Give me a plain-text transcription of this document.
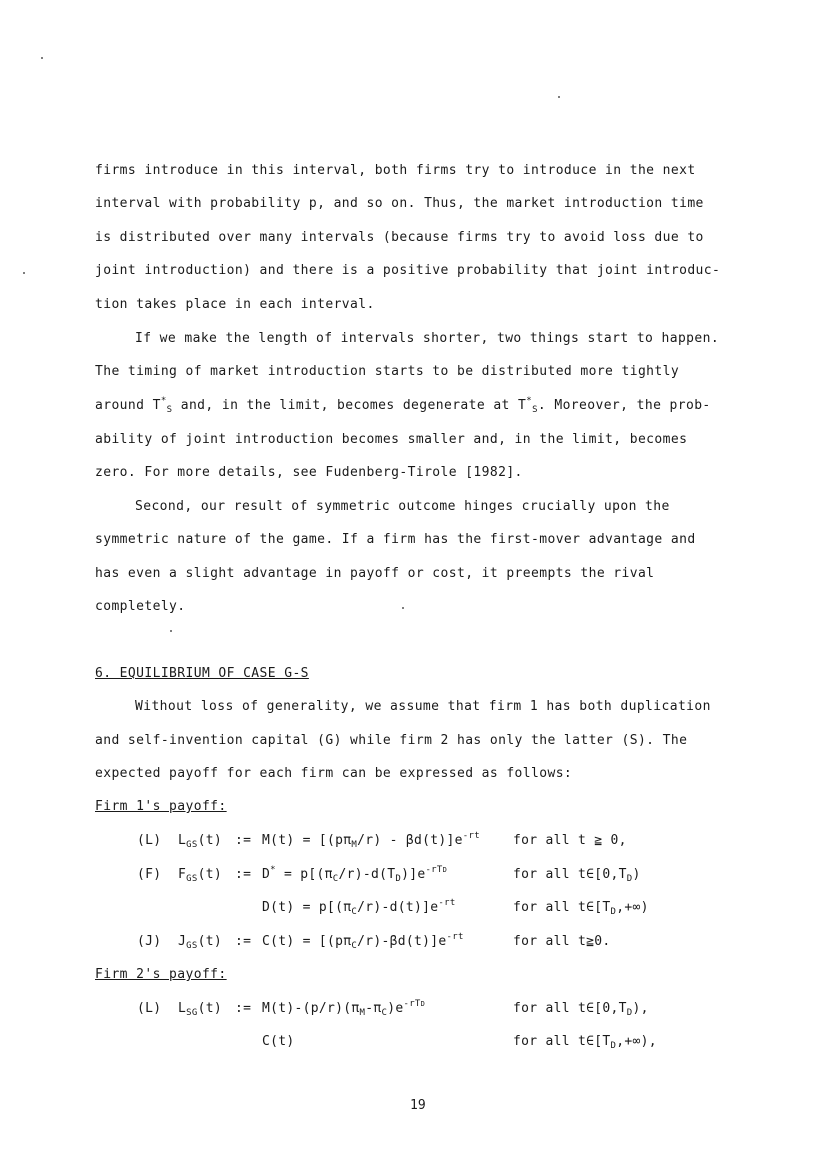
firms introduce in this interval, both firms try to introduce in the next
interval with probability p, and so on. Thus, the market introduction time
is distributed over many intervals (because firms try to avoid loss due to
joint introduction) and there is a positive probability that joint introduc-
tion takes place in each interval.
If we make the length of intervals shorter, two things start to happen.
The timing of market introduction starts to be distributed more tightly
around $T^*_S$ and, in the limit, becomes degenerate at $T^*_S$. Moreover, the prob-
ability of joint introduction becomes smaller and, in the limit, becomes
zero. For more details, see Fudenberg-Tirole [1982].
Second, our result of symmetric outcome hinges crucially upon the
symmetric nature of the game. If a firm has the first-mover advantage and
has even a slight advantage in payoff or cost, it preempts the rival
completely.
6. EQUILIBRIUM OF CASE G-S
Without loss of generality, we assume that firm 1 has both duplication
and self-invention capital (G) while firm 2 has only the latter (S). The
expected payoff for each firm can be expressed as follows:
Firm 1's payoff:
(L) $L_{GS}(t)$ := $M(t) = [(p\pi_M/r) - \beta d(t)]e^{-rt}$	for all t ≧ 0,
(F) $F_{GS}(t)$ := $D^* = p[(\pi_C/r)-d(T_D)]e^{-rTD}$	for all $t\in[0,T_D)$
$D(t) = p[(\pi_C/r)-d(t)]e^{-rt}$	for all $t\in[T_D,+\infty)$
(J) $J_{GS}(t)$ := $C(t) = [(p\pi_C/r)-\beta d(t)]e^{-rt}$	for all t≧0.
Firm 2's payoff:
(L) $L_{SG}(t)$ := $M(t)-(p/r)(\pi_M-\pi_C)e^{-rTD}$	for all $t\in[0,T_D)$,
C(t)	for all $t\in[T_D,+\infty)$,
19
